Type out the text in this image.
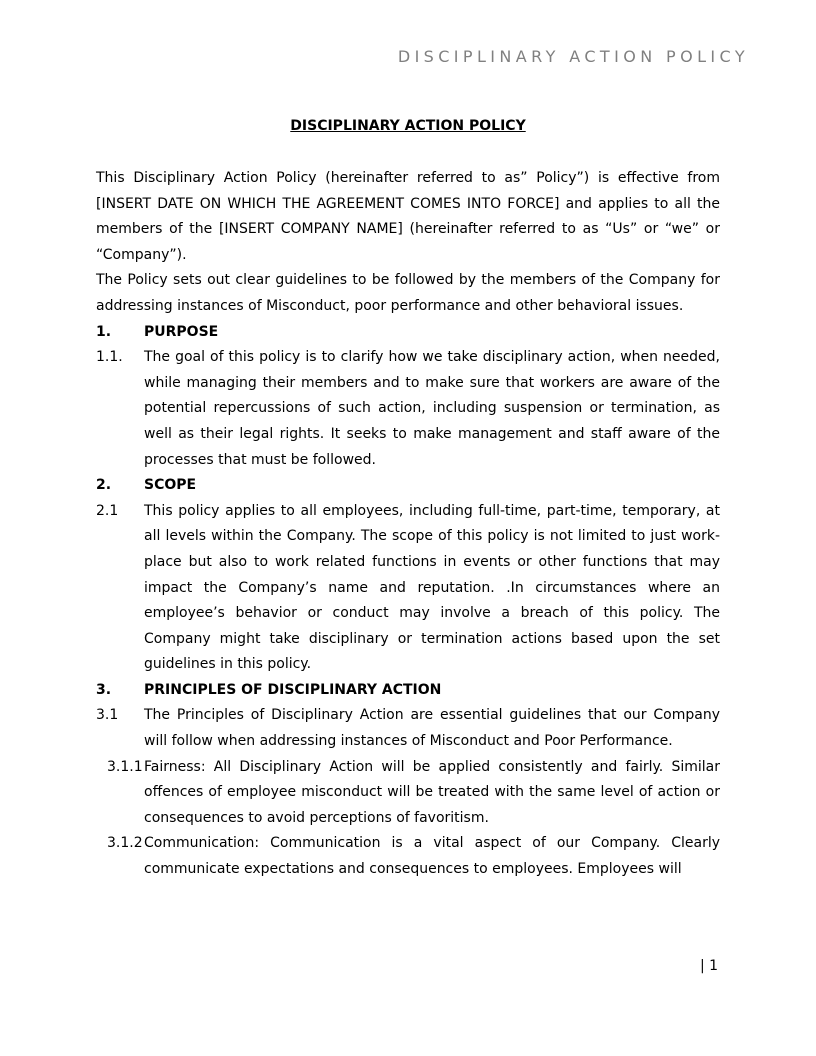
DISCIPLINARY ACTION POLICY
DISCIPLINARY ACTION POLICY

This Disciplinary Action Policy (hereinafter referred to as” Policy”) is effective from [INSERT DATE ON WHICH THE AGREEMENT COMES INTO FORCE] and applies to all the members of the [INSERT COMPANY NAME] (hereinafter referred to as “Us” or “we” or “Company”).

The Policy sets out clear guidelines to be followed by the members of the Company for addressing instances of Misconduct, poor performance and other behavioral issues.

1.	PURPOSE
1.1.	The goal of this policy is to clarify how we take disciplinary action, when needed, while managing their members and to make sure that workers are aware of the potential repercussions of such action, including suspension or termination, as well as their legal rights. It seeks to make management and staff aware of the processes that must be followed.
2.	SCOPE
2.1	This policy applies to all employees, including full-time, part-time, temporary, at all levels within the Company. The scope of this policy is not limited to just work-place but also to work related functions in events or other functions that may impact the Company’s name and reputation. .In circumstances where an employee’s behavior or conduct may involve a breach of this policy. The Company might take disciplinary or termination actions based upon the set guidelines in this policy.
3.	PRINCIPLES OF DISCIPLINARY ACTION
3.1	The Principles of Disciplinary Action are essential guidelines that our Company will follow when addressing instances of Misconduct and Poor Performance.
3.1.1 Fairness: All Disciplinary Action will be applied consistently and fairly. Similar offences of employee misconduct will be treated with the same level of action or consequences to avoid perceptions of favoritism.
3.1.2 Communication: Communication is a vital aspect of our Company. Clearly communicate expectations and consequences to employees. Employees will
| 1
